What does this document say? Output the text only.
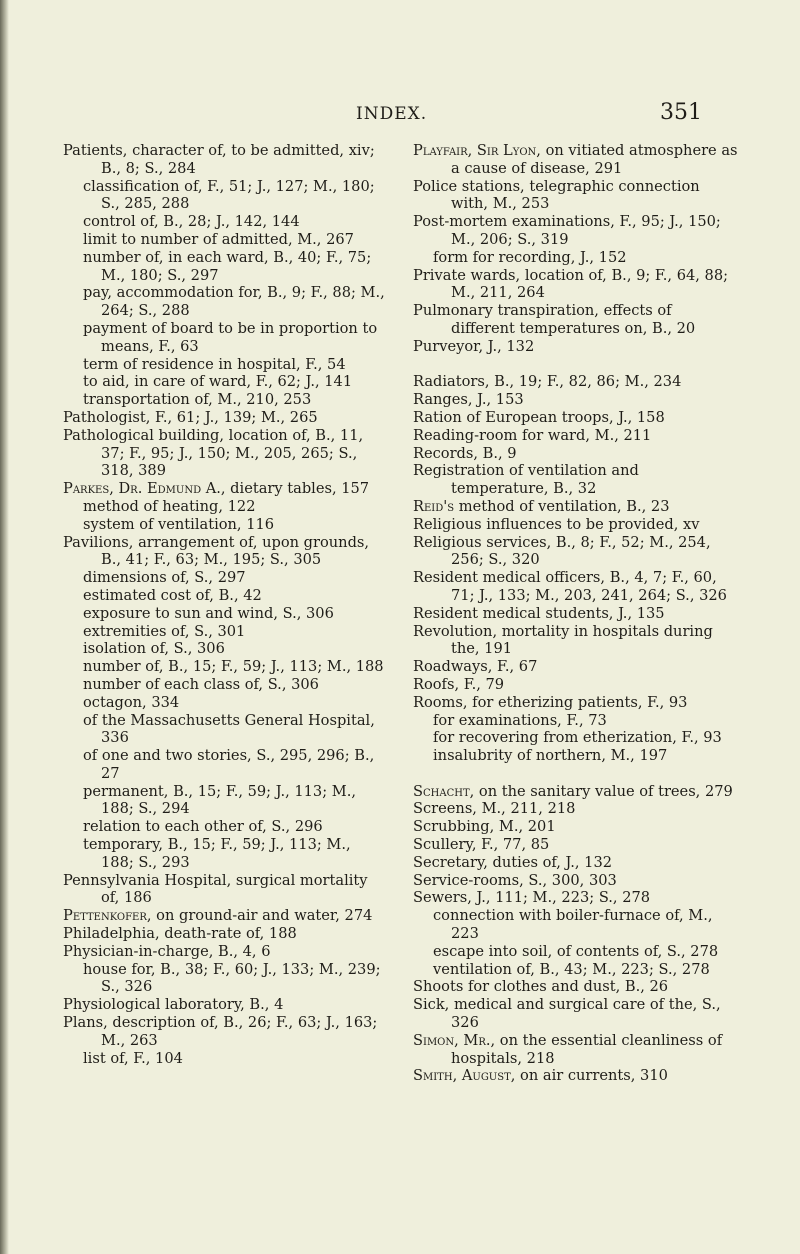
INDEX.	351
Patients, character of, to be admitted, xiv; B., 8; S., 284
classification of, F., 51; J., 127; M., 180; S., 285, 288
control of, B., 28; J., 142, 144
limit to number of admitted, M., 267
number of, in each ward, B., 40; F., 75; M., 180; S., 297
pay, accommodation for, B., 9; F., 88; M., 264; S., 288
payment of board to be in proportion to means, F., 63
term of residence in hospital, F., 54
to aid, in care of ward, F., 62; J., 141
transportation of, M., 210, 253
Pathologist, F., 61; J., 139; M., 265
Pathological building, location of, B., 11, 37; F., 95; J., 150; M., 205, 265; S., 318, 389
Parkes, Dr. Edmund A., dietary tables, 157
method of heating, 122
system of ventilation, 116
Pavilions, arrangement of, upon grounds, B., 41; F., 63; M., 195; S., 305
dimensions of, S., 297
estimated cost of, B., 42
exposure to sun and wind, S., 306
extremities of, S., 301
isolation of, S., 306
number of, B., 15; F., 59; J., 113; M., 188
number of each class of, S., 306
octagon, 334
of the Massachusetts General Hospital, 336
of one and two stories, S., 295, 296; B., 27
permanent, B., 15; F., 59; J., 113; M., 188; S., 294
relation to each other of, S., 296
temporary, B., 15; F., 59; J., 113; M., 188; S., 293
Pennsylvania Hospital, surgical mortality of, 186
Pettenkofer, on ground-air and water, 274
Philadelphia, death-rate of, 188
Physician-in-charge, B., 4, 6
house for, B., 38; F., 60; J., 133; M., 239; S., 326
Physiological laboratory, B., 4
Plans, description of, B., 26; F., 63; J., 163; M., 263
list of, F., 104
Playfair, Sir Lyon, on vitiated atmosphere as a cause of disease, 291
Police stations, telegraphic connection with, M., 253
Post-mortem examinations, F., 95; J., 150; M., 206; S., 319
form for recording, J., 152
Private wards, location of, B., 9; F., 64, 88; M., 211, 264
Pulmonary transpiration, effects of different temperatures on, B., 20
Purveyor, J., 132
Radiators, B., 19; F., 82, 86; M., 234
Ranges, J., 153
Ration of European troops, J., 158
Reading-room for ward, M., 211
Records, B., 9
Registration of ventilation and temperature, B., 32
Reid's method of ventilation, B., 23
Religious influences to be provided, xv
Religious services, B., 8; F., 52; M., 254, 256; S., 320
Resident medical officers, B., 4, 7; F., 60, 71; J., 133; M., 203, 241, 264; S., 326
Resident medical students, J., 135
Revolution, mortality in hospitals during the, 191
Roadways, F., 67
Roofs, F., 79
Rooms, for etherizing patients, F., 93
for examinations, F., 73
for recovering from etherization, F., 93
insalubrity of northern, M., 197
Schacht, on the sanitary value of trees, 279
Screens, M., 211, 218
Scrubbing, M., 201
Scullery, F., 77, 85
Secretary, duties of, J., 132
Service-rooms, S., 300, 303
Sewers, J., 111; M., 223; S., 278
connection with boiler-furnace of, M., 223
escape into soil, of contents of, S., 278
ventilation of, B., 43; M., 223; S., 278
Shoots for clothes and dust, B., 26
Sick, medical and surgical care of the, S., 326
Simon, Mr., on the essential cleanliness of hospitals, 218
Smith, August, on air currents, 310
